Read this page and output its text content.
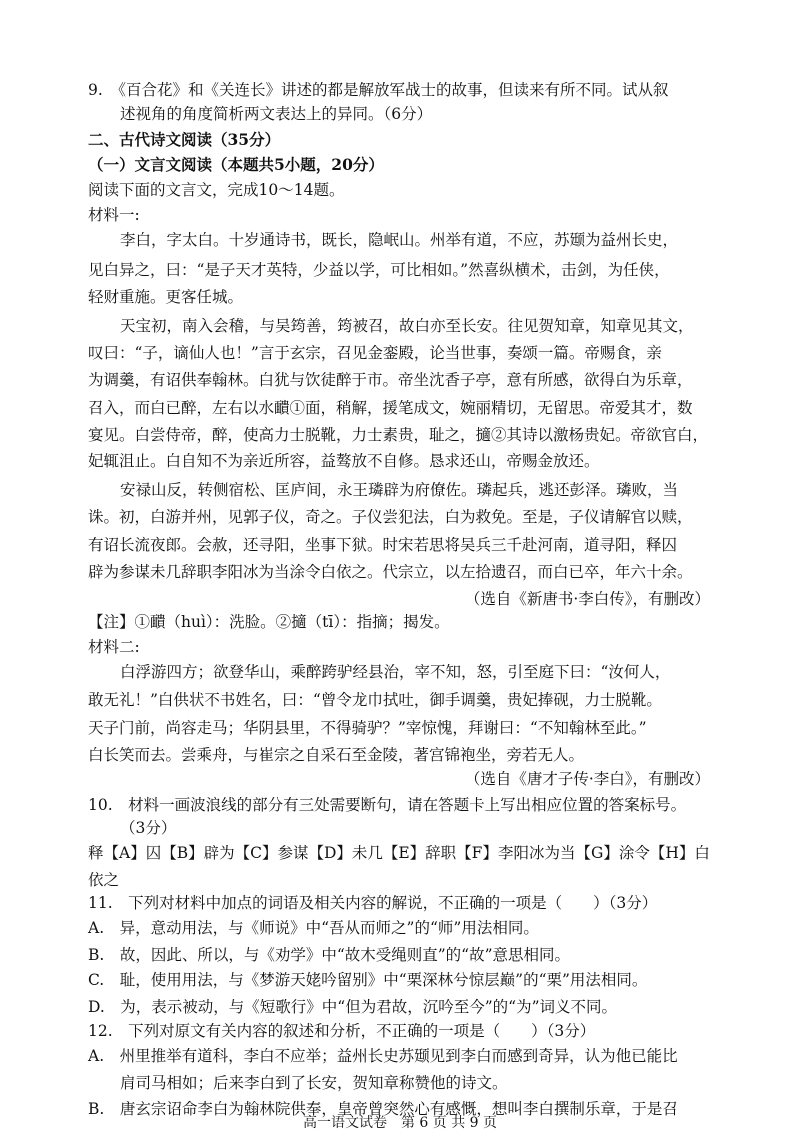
9.　《百合花》和《关连长》讲述的都是解放军战士的故事，但读来有所不同。试从叙
述视角的角度简析两文表达上的异同。（6分）
二、古代诗文阅读（35分）
（一）文言文阅读（本题共5小题，20分）
阅读下面的文言文，完成10～14题。
材料一:
李白，字太白。十岁通诗书，既长，隐岷山。州举有道，不应，苏颋为益州长史，
见白异之，曰：“是子天才英特，少益以学，可比相如。”然喜纵横术，击剑，为任侠，
轻财重施。更客任城。
天宝初，南入会稽，与吴筠善，筠被召，故白亦至长安。往见贺知章，知章见其文，
叹曰：“子，谪仙人也！”言于玄宗，召见金銮殿，论当世事，奏颂一篇。帝赐食，亲
为调羹，有诏供奉翰林。白犹与饮徒醉于市。帝坐沈香子亭，意有所感，欲得白为乐章，
召入，而白已醉，左右以水靧①面，稍解，援笔成文，婉丽精切，无留思。帝爱其才，数
宴见。白尝侍帝，醉，使高力士脱靴，力士素贵，耻之，擿②其诗以激杨贵妃。帝欲官白，
妃辄沮止。白自知不为亲近所容，益骜放不自修。恳求还山，帝赐金放还。
安禄山反，转侧宿松、匡庐间，永王璘辟为府僚佐。璘起兵，逃还彭泽。璘败，当
诛。初，白游并州，见郭子仪，奇之。子仪尝犯法，白为救免。至是，子仪请解官以赎，
有诏长流夜郎。会赦，还寻阳，坐事下狱。时宋若思将吴兵三千赴河南，道寻阳，释囚
辟为参谋未几辞职李阳冰为当涂令白依之。代宗立，以左拾遗召，而白已卒，年六十余。
（选自《新唐书·李白传》，有删改）
【注】①靧（huì）：洗脸。②擿（tī）：指摘；揭发。
材料二:
白浮游四方；欲登华山，乘醉跨驴经县治，宰不知，怒，引至庭下曰：“汝何人，
敢无礼！”白供状不书姓名，曰：“曾令龙巾拭吐，御手调羹，贵妃捧砚，力士脱靴。
天子门前，尚容走马；华阴县里，不得骑驴？”宰惊愧，拜谢曰：“不知翰林至此。”
白长笑而去。尝乘舟，与崔宗之自采石至金陵，著宫锦袍坐，旁若无人。
（选自《唐才子传·李白》，有删改）
10.　材料一画波浪线的部分有三处需要断句，请在答题卡上写出相应位置的答案标号。
（3分）
释【A】囚【B】辟为【C】参谋【D】未几【E】辞职【F】李阳冰为当【G】涂令【H】白
依之
11.　下列对材料中加点的词语及相关内容的解说，不正确的一项是（　　）（3分）
A.　异，意动用法，与《师说》中“吾从而师之”的“师”用法相同。
B.　故，因此、所以，与《劝学》中“故木受绳则直”的“故”意思相同。
C.　耻，使用用法，与《梦游天姥吟留别》中“栗深林兮惊层巅”的“栗”用法相同。
D.　为，表示被动，与《短歌行》中“但为君故，沉吟至今”的“为”词义不同。
12.　下列对原文有关内容的叙述和分析，不正确的一项是（　　）（3分）
A.　州里推举有道科，李白不应举；益州长史苏颋见到李白而感到奇异，认为他已能比
肩司马相如；后来李白到了长安，贺知章称赞他的诗文。
B.　唐玄宗诏命李白为翰林院供奉，皇帝曾突然心有感慨，想叫李白撰制乐章，于是召
高一语文试卷　第 6 页 共 9 页
